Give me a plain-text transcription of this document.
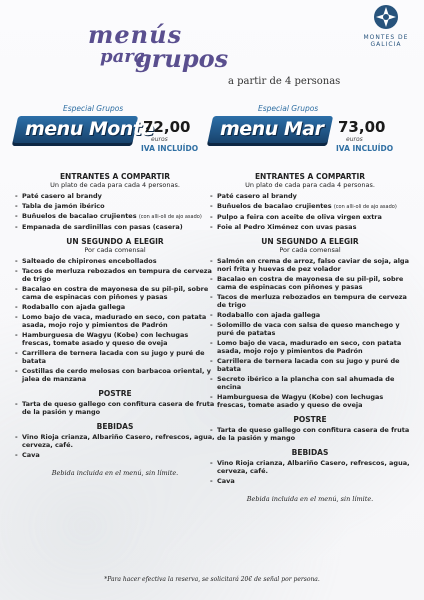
menús
para
grupos
a partir de 4 personas
MONTES DE GALICIA
Especial Grupos
menu Monte
72,00
euros
IVA INCLUÍDO
ENTRANTES A COMPARTIR
Un plato de cada para cada 4 personas.
- Paté casero al brandy
- Tabla de jamón ibérico
- Buñuelos de bacalao crujientes (con alli-oli de ajo asado)
- Empanada de sardinillas con pasas (casera)
UN SEGUNDO A ELEGIR
Por cada comensal
- Salteado de chipirones encebollados
- Tacos de merluza rebozados en tempura de cerveza de trigo
- Bacalao en costra de mayonesa de su pil-pil, sobre cama de espinacas con piñones y pasas
- Rodaballo con ajada gallega
- Lomo bajo de vaca, madurado en seco, con patata asada, mojo rojo y pimientos de Padrón
- Hamburguesa de Wagyu (Kobe) con lechugas frescas, tomate asado y queso de oveja
- Carrillera de ternera lacada con su jugo y puré de batata
- Costillas de cerdo melosas con barbacoa oriental, y jalea de manzana
POSTRE
- Tarta de queso gallego con confitura casera de fruta de la pasión y mango
BEBIDAS
- Vino Rioja crianza, Albariño Casero, refrescos, agua, cerveza, café.
- Cava
Bebida incluida en el menú, sin límite.
Especial Grupos
menu Mar 73,00
euros
IVA INCLUÍDO
ENTRANTES A COMPARTIR
Un plato de cada para cada 4 personas.
- Paté casero al brandy
- Buñuelos de bacalao crujientes (con alli-oli de ajo asado)
- Pulpo a feira con aceite de oliva virgen extra
- Foie al Pedro Ximénez con uvas pasas
UN SEGUNDO A ELEGIR
Por cada comensal
- Salmón en crema de arroz, falso caviar de soja, alga nori frita y huevas de pez volador
- Bacalao en costra de mayonesa de su pil-pil, sobre cama de espinacas con piñones y pasas
- Tacos de merluza rebozados en tempura de cerveza de trigo
- Rodaballo con ajada gallega
- Solomillo de vaca con salsa de queso manchego y puré de patatas
- Lomo bajo de vaca, madurado en seco, con patata asada, mojo rojo y pimientos de Padrón
- Carrillera de ternera lacada con su jugo y puré de batata
- Secreto ibérico a la plancha con sal ahumada de encina
- Hamburguesa de Wagyu (Kobe) con lechugas frescas, tomate asado y queso de oveja
POSTRE
- Tarta de queso gallego con confitura casera de fruta de la pasión y mango
BEBIDAS
- Vino Rioja crianza, Albariño Casero, refrescos, agua, cerveza, café.
- Cava
Bebida incluida en el menú, sin límite.
*Para hacer efectiva la reserva, se solicitará 20€ de señal por persona.
